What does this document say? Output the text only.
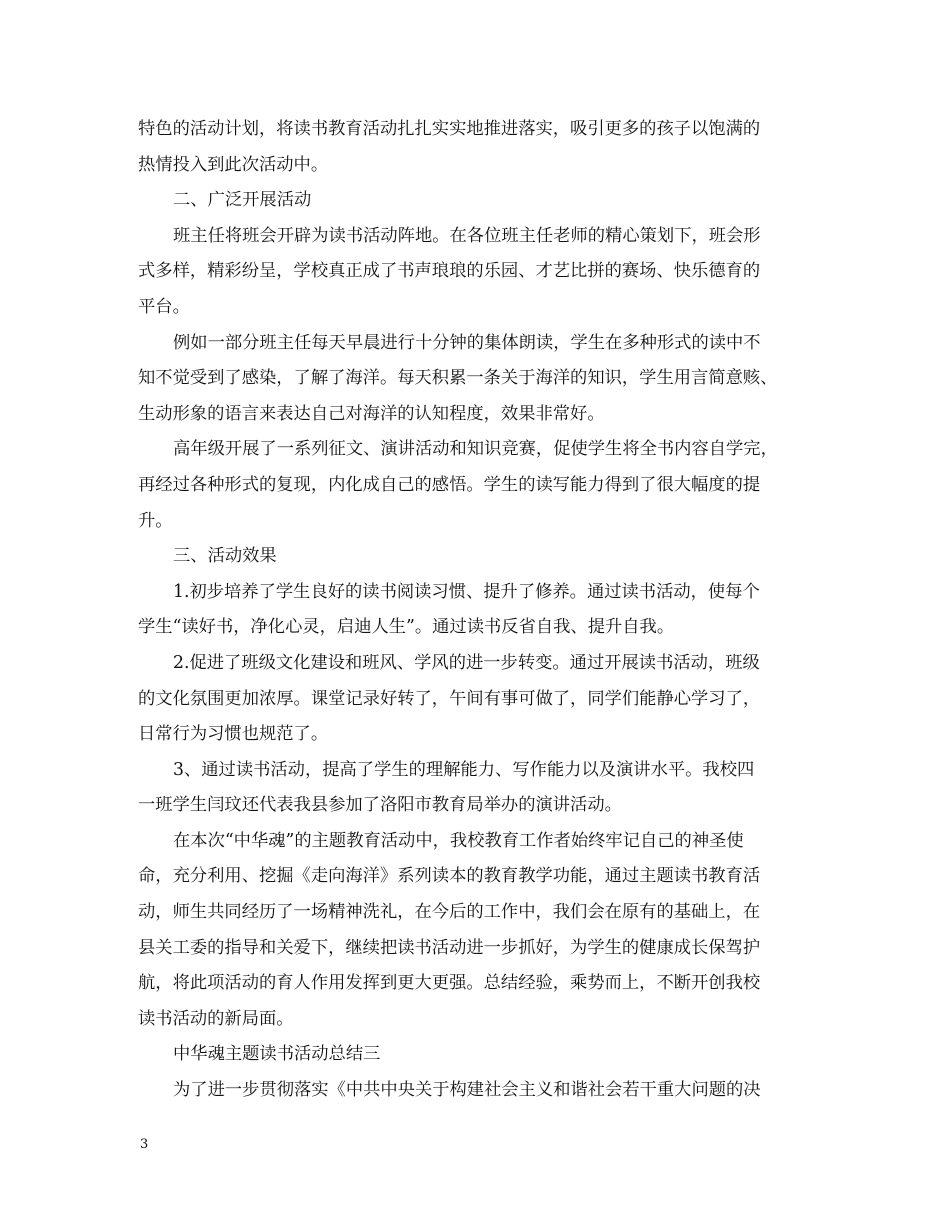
特色的活动计划，将读书教育活动扎扎实实地推进落实，吸引更多的孩子以饱满的
热情投入到此次活动中。
二、广泛开展活动
班主任将班会开辟为读书活动阵地。在各位班主任老师的精心策划下，班会形
式多样，精彩纷呈，学校真正成了书声琅琅的乐园、才艺比拼的赛场、快乐德育的
平台。
例如一部分班主任每天早晨进行十分钟的集体朗读，学生在多种形式的读中不
知不觉受到了感染，了解了海洋。每天积累一条关于海洋的知识，学生用言简意赅、
生动形象的语言来表达自己对海洋的认知程度，效果非常好。
高年级开展了一系列征文、演讲活动和知识竞赛，促使学生将全书内容自学完，
再经过各种形式的复现，内化成自己的感悟。学生的读写能力得到了很大幅度的提
升。
三、活动效果
1.初步培养了学生良好的读书阅读习惯、提升了修养。通过读书活动，使每个
学生“读好书，净化心灵，启迪人生”。通过读书反省自我、提升自我。
2.促进了班级文化建设和班风、学风的进一步转变。通过开展读书活动，班级
的文化氛围更加浓厚。课堂记录好转了，午间有事可做了，同学们能静心学习了，
日常行为习惯也规范了。
3、通过读书活动，提高了学生的理解能力、写作能力以及演讲水平。我校四
一班学生闫玟还代表我县参加了洛阳市教育局举办的演讲活动。
在本次“中华魂”的主题教育活动中，我校教育工作者始终牢记自己的神圣使
命，充分利用、挖掘《走向海洋》系列读本的教育教学功能，通过主题读书教育活
动，师生共同经历了一场精神洗礼，在今后的工作中，我们会在原有的基础上，在
县关工委的指导和关爱下，继续把读书活动进一步抓好，为学生的健康成长保驾护
航，将此项活动的育人作用发挥到更大更强。总结经验，乘势而上，不断开创我校
读书活动的新局面。
中华魂主题读书活动总结三
为了进一步贯彻落实《中共中央关于构建社会主义和谐社会若干重大问题的决
3
